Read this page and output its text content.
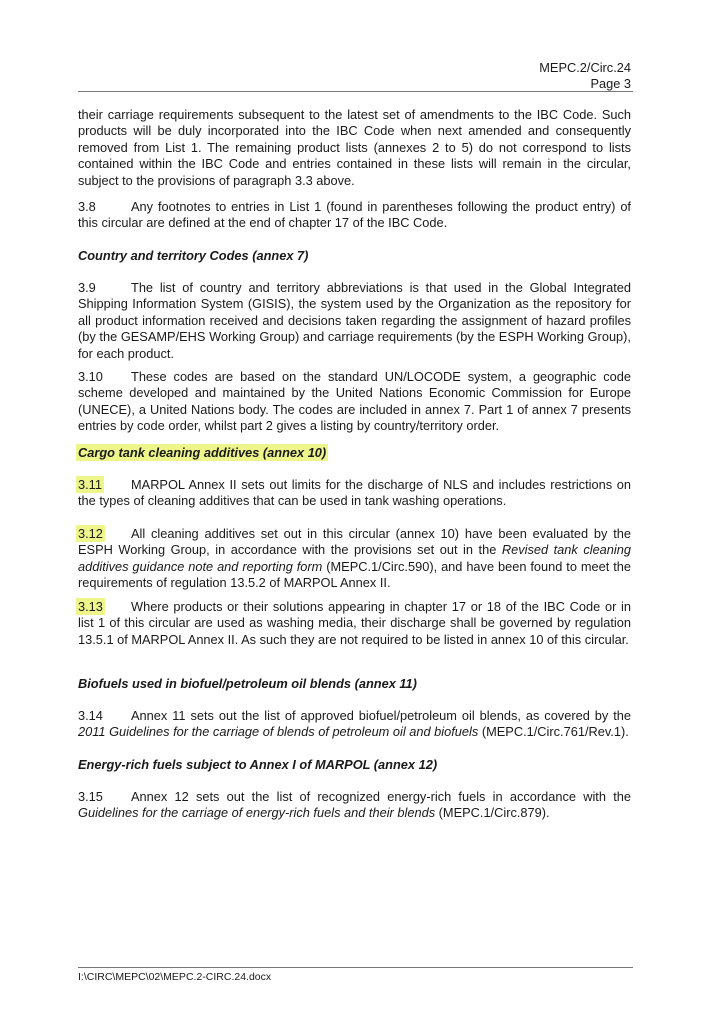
MEPC.2/Circ.24
Page 3
their carriage requirements subsequent to the latest set of amendments to the IBC Code. Such products will be duly incorporated into the IBC Code when next amended and consequently removed from List 1. The remaining product lists (annexes 2 to 5) do not correspond to lists contained within the IBC Code and entries contained in these lists will remain in the circular, subject to the provisions of paragraph 3.3 above.
3.8	Any footnotes to entries in List 1 (found in parentheses following the product entry) of this circular are defined at the end of chapter 17 of the IBC Code.
Country and territory Codes (annex 7)
3.9	The list of country and territory abbreviations is that used in the Global Integrated Shipping Information System (GISIS), the system used by the Organization as the repository for all product information received and decisions taken regarding the assignment of hazard profiles (by the GESAMP/EHS Working Group) and carriage requirements (by the ESPH Working Group), for each product.
3.10 These codes are based on the standard UN/LOCODE system, a geographic code scheme developed and maintained by the United Nations Economic Commission for Europe (UNECE), a United Nations body. The codes are included in annex 7. Part 1 of annex 7 presents entries by code order, whilst part 2 gives a listing by country/territory order.
Cargo tank cleaning additives (annex 10)
3.11 MARPOL Annex II sets out limits for the discharge of NLS and includes restrictions on the types of cleaning additives that can be used in tank washing operations.
3.12 All cleaning additives set out in this circular (annex 10) have been evaluated by the ESPH Working Group, in accordance with the provisions set out in the Revised tank cleaning additives guidance note and reporting form (MEPC.1/Circ.590), and have been found to meet the requirements of regulation 13.5.2 of MARPOL Annex II.
3.13 Where products or their solutions appearing in chapter 17 or 18 of the IBC Code or in list 1 of this circular are used as washing media, their discharge shall be governed by regulation 13.5.1 of MARPOL Annex II. As such they are not required to be listed in annex 10 of this circular.
Biofuels used in biofuel/petroleum oil blends (annex 11)
3.14 Annex 11 sets out the list of approved biofuel/petroleum oil blends, as covered by the 2011 Guidelines for the carriage of blends of petroleum oil and biofuels (MEPC.1/Circ.761/Rev.1).
Energy-rich fuels subject to Annex I of MARPOL (annex 12)
3.15 Annex 12 sets out the list of recognized energy-rich fuels in accordance with the Guidelines for the carriage of energy-rich fuels and their blends (MEPC.1/Circ.879).
I:\CIRC\MEPC\02\MEPC.2-CIRC.24.docx
